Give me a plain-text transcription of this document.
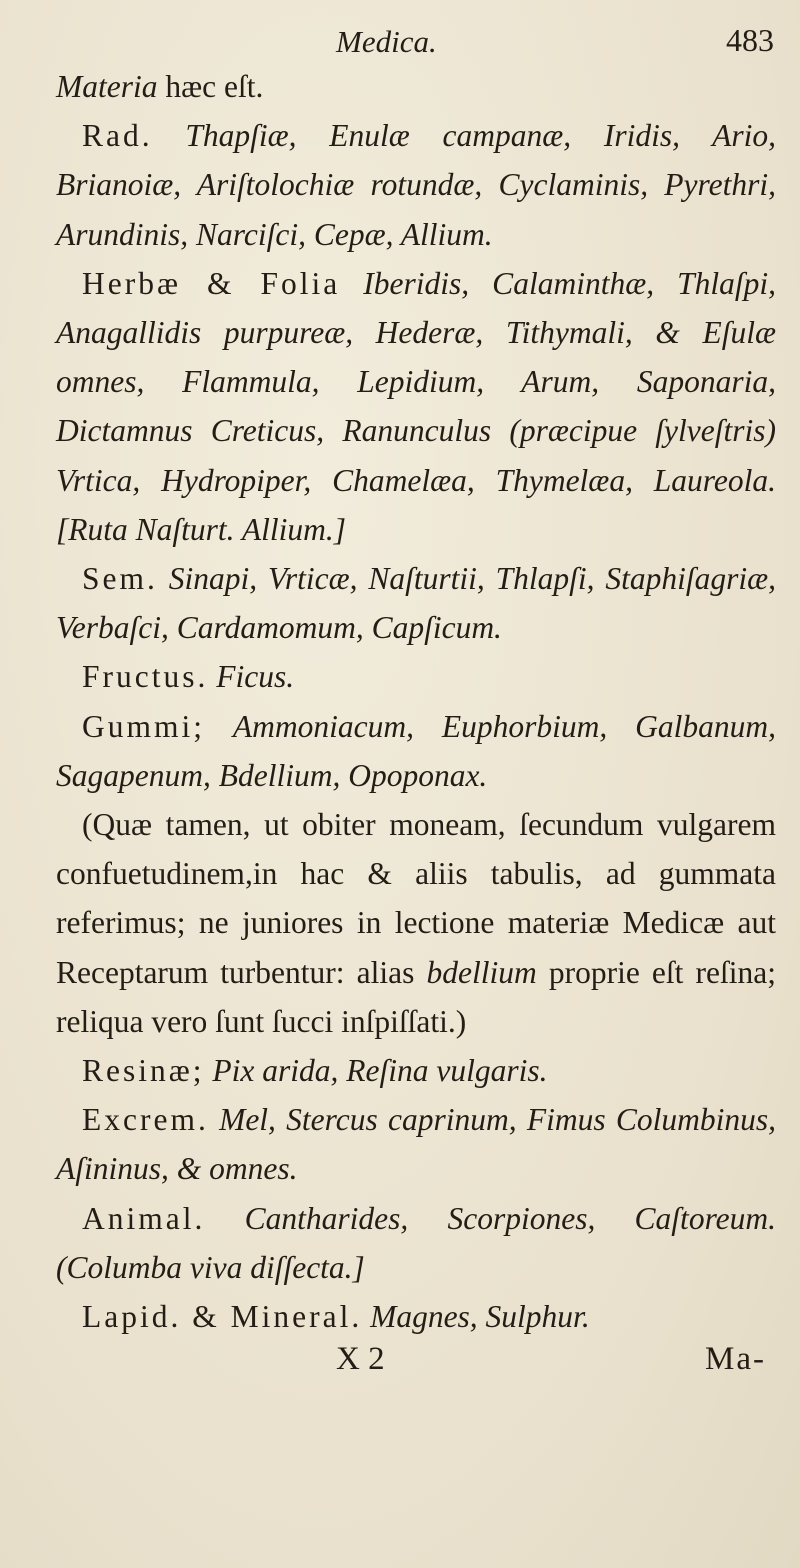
Medica.	483

Materia hæc eſt.

Rad. Thapſiæ, Enulæ campanæ, Iridis, Ario, Brianoiæ, Ariſtolochiæ rotundæ, Cyclaminis, Pyrethri, Arundinis, Narciſci, Cepæ, Allium.

Herbæ & Folia Iberidis, Calaminthæ, Thlaſpi, Anagallidis purpureæ, Hederæ, Tithymali, & Eſulæ omnes, Flammula, Lepidium, Arum, Saponaria, Dictamnus Creticus, Ranunculus (præcipue ſylveſtris) Vrtica, Hydropiper, Chamelæa, Thymelæa, Laureola. [Ruta Naſturt. Allium.]

Sem. Sinapi, Vrticæ, Naſturtii, Thlapſi, Staphiſagriæ, Verbaſci, Cardamomum, Capſicum.

Fructus. Ficus.

Gummi; Ammoniacum, Euphorbium, Galbanum, Sagapenum, Bdellium, Opoponax.

(Quæ tamen, ut obiter moneam, ſecundum vulgarem confuetudinem,in hac & aliis tabulis, ad gummata referimus; ne juniores in lectione materiæ Medicæ aut Receptarum turbentur: alias bdellium proprie eſt reſina; reliqua vero ſunt ſucci inſpiſſati.)

Resinæ; Pix arida, Reſina vulgaris.

Excrem. Mel, Stercus caprinum, Fimus Columbinus, Aſininus, & omnes.

Animal. Cantharides, Scorpiones, Caſtoreum. (Columba viva diſſecta.]

Lapid. & Mineral. Magnes, Sulphur.

X 2	Ma-
